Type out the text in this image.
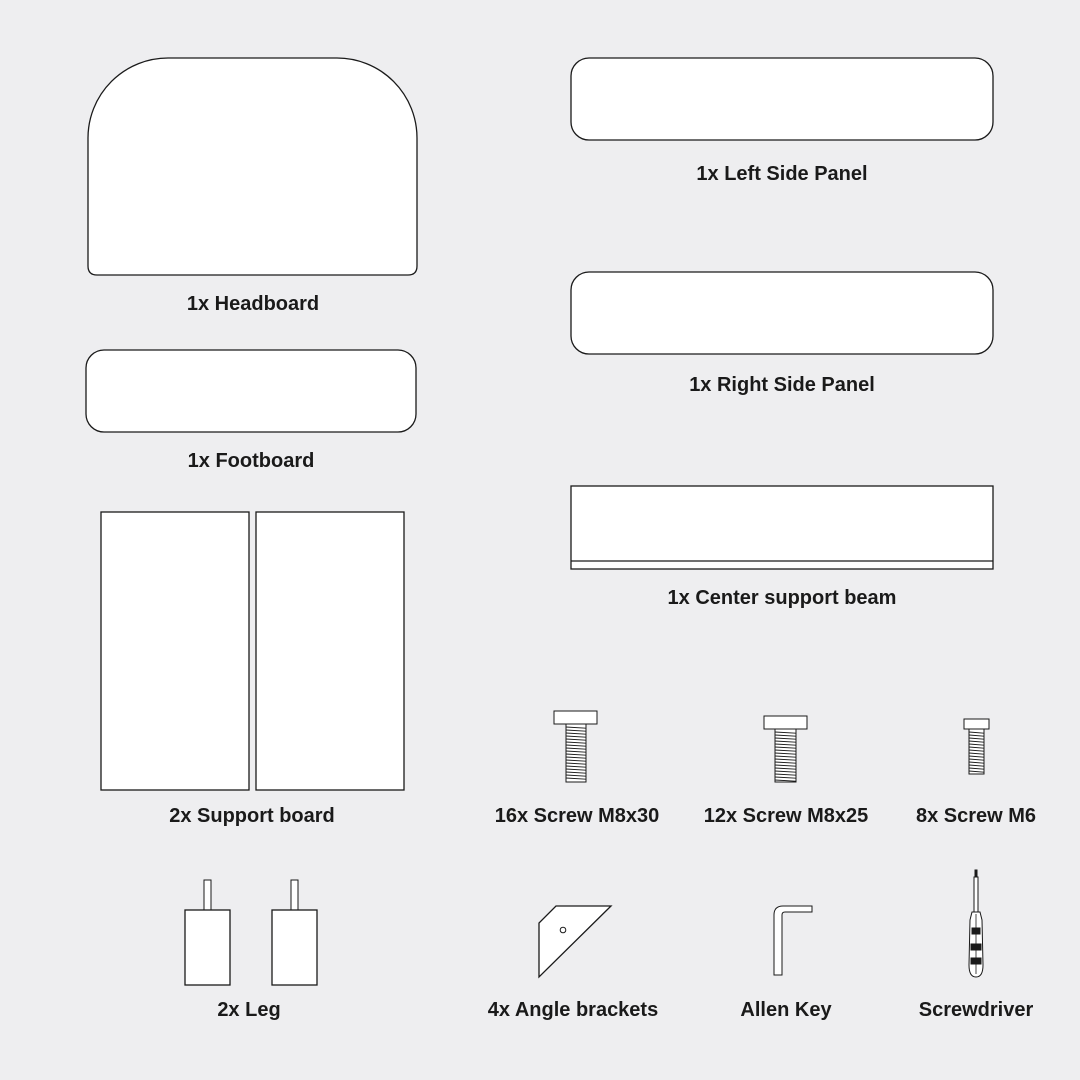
1x Headboard
1x Footboard
1x Left Side Panel
1x Right Side Panel
1x Center support beam
2x Support board	16x Screw M8x30 12x Screw M8x25 8x Screw M6
2x Leg	4x Angle brackets	Allen Key	Screwdriver
